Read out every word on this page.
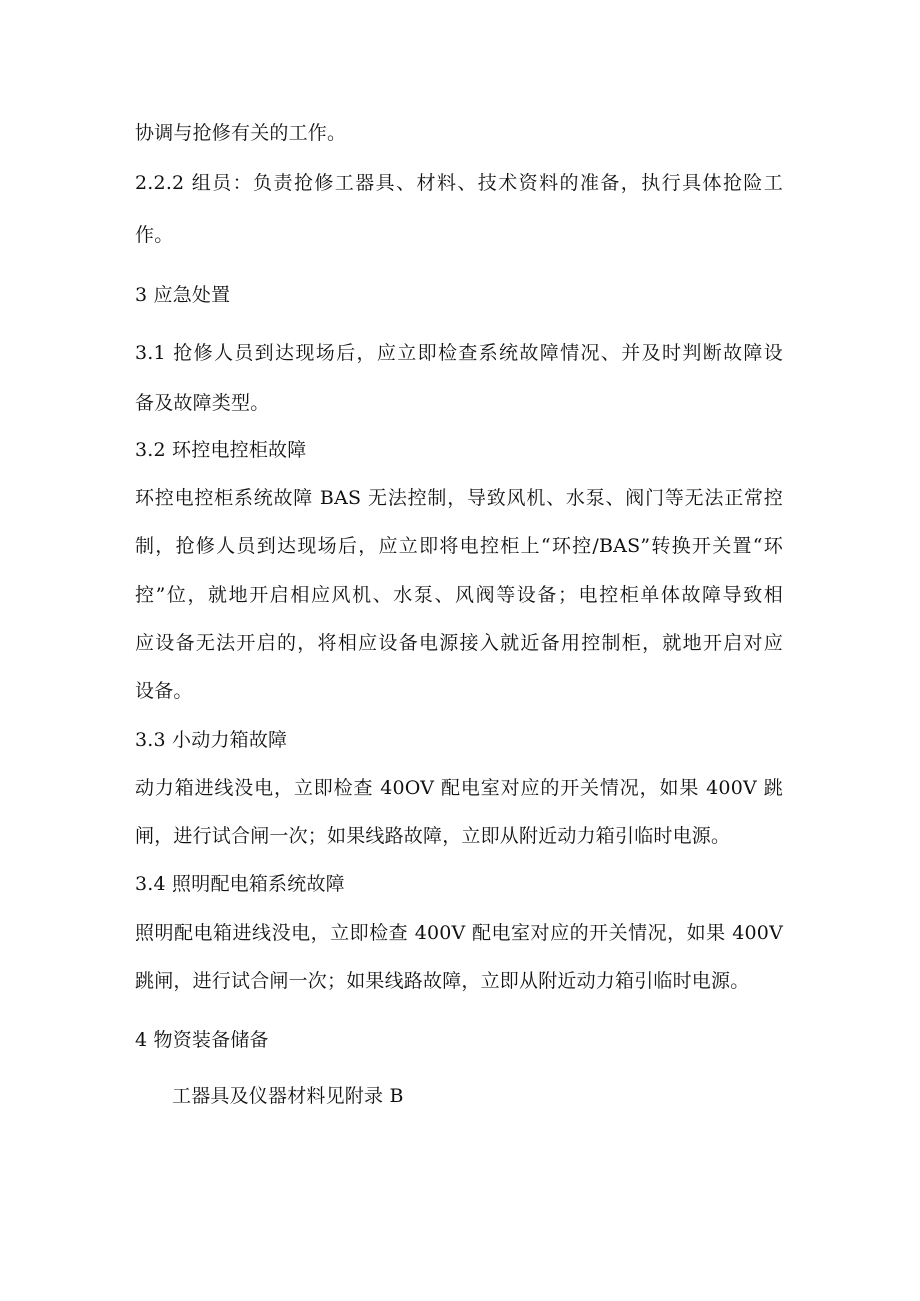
协调与抢修有关的工作。
2.2.2 组员：负责抢修工器具、材料、技术资料的准备，执行具体抢险工
作。
3 应急处置
3.1 抢修人员到达现场后，应立即检查系统故障情况、并及时判断故障设
备及故障类型。
3.2 环控电控柜故障
环控电控柜系统故障 BAS 无法控制，导致风机、水泵、阀门等无法正常控
制，抢修人员到达现场后，应立即将电控柜上“环控/BAS”转换开关置“环
控”位，就地开启相应风机、水泵、风阀等设备；电控柜单体故障导致相
应设备无法开启的，将相应设备电源接入就近备用控制柜，就地开启对应
设备。
3.3 小动力箱故障
动力箱进线没电，立即检查 40OV 配电室对应的开关情况，如果 400V 跳
闸，进行试合闸一次；如果线路故障，立即从附近动力箱引临时电源。
3.4 照明配电箱系统故障
照明配电箱进线没电，立即检查 400V 配电室对应的开关情况，如果 400V
跳闸，进行试合闸一次；如果线路故障，立即从附近动力箱引临时电源。
4 物资装备储备
工器具及仪器材料见附录 B
